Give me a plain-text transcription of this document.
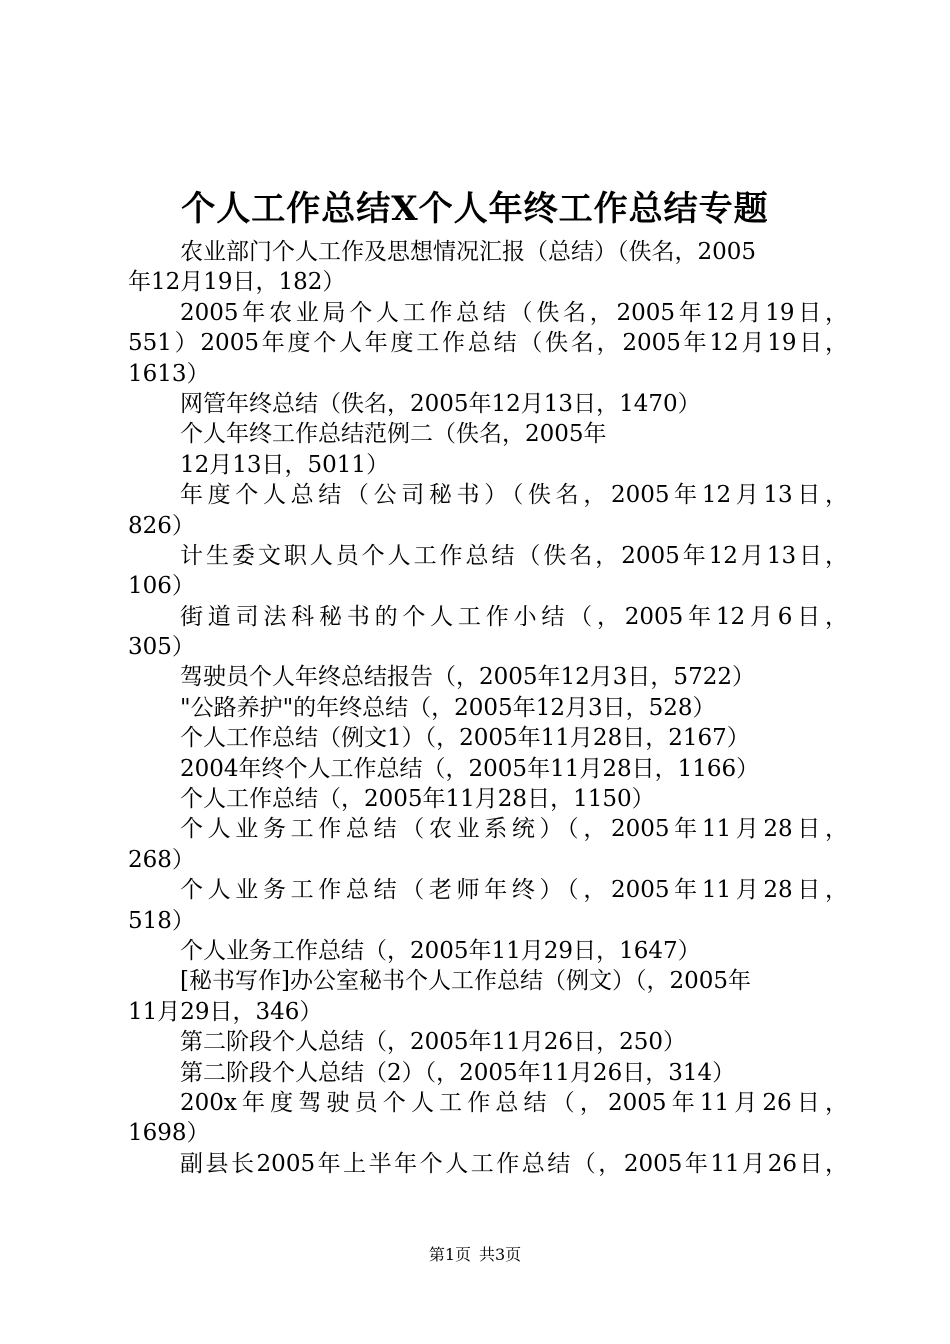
个人工作总结X个人年终工作总结专题
农业部门个人工作及思想情况汇报（总结）（佚名，2005
年12月19日，182）
2005年农业局个人工作总结（佚名，2005年12月19日，
551）2005年度个人年度工作总结（佚名，2005年12月19日，
1613）
网管年终总结（佚名，2005年12月13日，1470）
个人年终工作总结范例二（佚名，2005年
12月13日，5011）
年度个人总结（公司秘书）（佚名，2005年12月13日，
826）
计生委文职人员个人工作总结（佚名，2005年12月13日，
106）
街道司法科秘书的个人工作小结（，2005年12月6日，
305）
驾驶员个人年终总结报告（，2005年12月3日，5722）
"公路养护"的年终总结（，2005年12月3日，528）
个人工作总结（例文1）（，2005年11月28日，2167）
2004年终个人工作总结（，2005年11月28日，1166）
个人工作总结（，2005年11月28日，1150）
个人业务工作总结（农业系统）（，2005年11月28日，
268）
个人业务工作总结（老师年终）（，2005年11月28日，
518）
个人业务工作总结（，2005年11月29日，1647）
[秘书写作]办公室秘书个人工作总结（例文）（，2005年
11月29日，346）
第二阶段个人总结（，2005年11月26日，250）
第二阶段个人总结（2）（，2005年11月26日，314）
200x年度驾驶员个人工作总结（，2005年11月26日，
1698）
副县长2005年上半年个人工作总结（，2005年11月26日，
第1页 共3页
